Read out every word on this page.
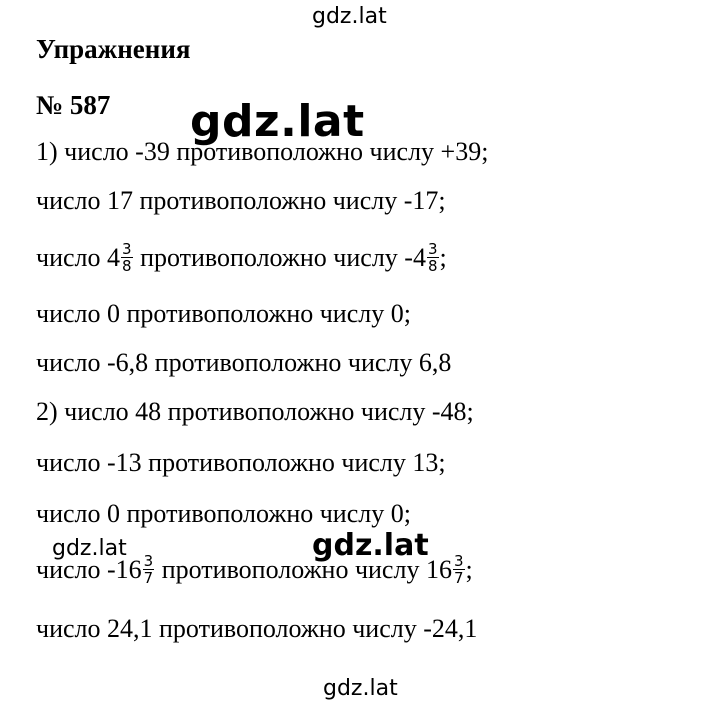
gdz.lat
Упражнения
№ 587
1) число -39 противоположно числу +39;
число 17 противоположно числу -17;
число $4 \frac{3}{8}$ противоположно числу $-4 \frac{3}{8}$ ;
число 0 противоположно числу 0;
число -6,8 противоположно числу 6,8
2) число 48 противоположно числу -48;
число -13 противоположно числу 13;
число 0 противоположно числу 0;
число $-16 \frac{3}{7}$ противоположно числу $16 \frac{3}{7}$ ;
число 24,1 противоположно числу -24,1
gdz.lat
gdz.lat	gdz.lat
gdz.lat
